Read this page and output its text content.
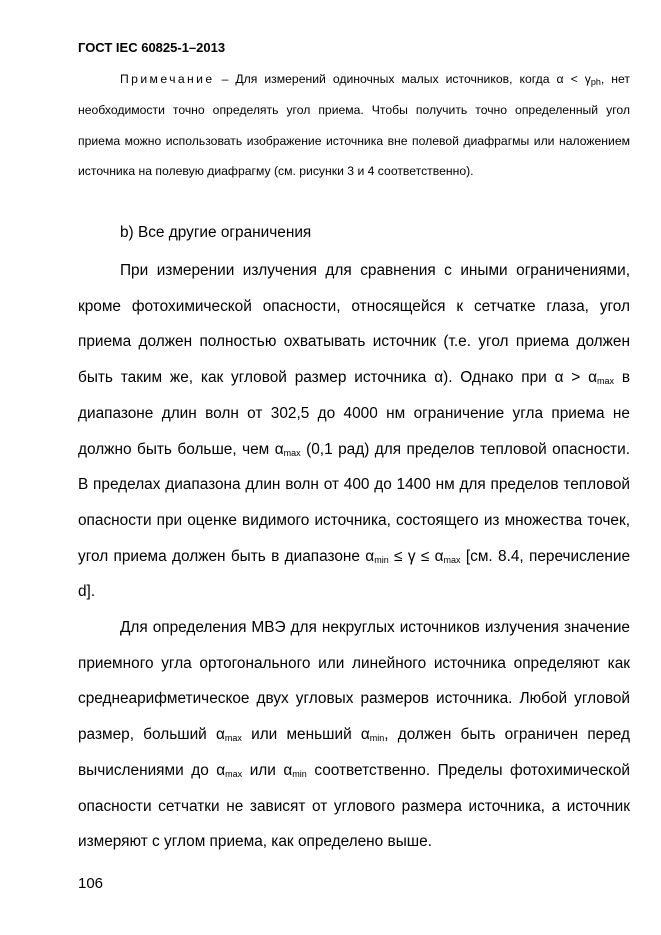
ГОСТ IEC 60825-1–2013
Примечание – Для измерений одиночных малых источников, когда $\alpha < \gamma_{ph}$, нет необходимости точно определять угол приема. Чтобы получить точно определенный угол приема можно использовать изображение источника вне полевой диафрагмы или наложением источника на полевую диафрагму (см. рисунки 3 и 4 соответственно).
b) Все другие ограничения
При измерении излучения для сравнения с иными ограничениями, кроме фотохимической опасности, относящейся к сетчатке глаза, угол приема должен полностью охватывать источник (т.е. угол приема должен быть таким же, как угловой размер источника α). Однако при $\alpha > \alpha_{max}$ в диапазоне длин волн от 302,5 до 4000 нм ограничение угла приема не должно быть больше, чем $\alpha_{max}$ (0,1 рад) для пределов тепловой опасности. В пределах диапазона длин волн от 400 до 1400 нм для пределов тепловой опасности при оценке видимого источника, состоящего из множества точек, угол приема должен быть в диапазоне $\alpha_{min} \le \gamma \le \alpha_{max}$ [см. 8.4, перечисление d].
Для определения МВЭ для некруглых источников излучения значение приемного угла ортогонального или линейного источника определяют как среднеарифметическое двух угловых размеров источника. Любой угловой размер, больший $\alpha_{max}$ или меньший $\alpha_{min}$, должен быть ограничен перед вычислениями до $\alpha_{max}$ или $\alpha_{min}$ соответственно. Пределы фотохимической опасности сетчатки не зависят от углового размера источника, а источник измеряют с углом приема, как определено выше.
106
